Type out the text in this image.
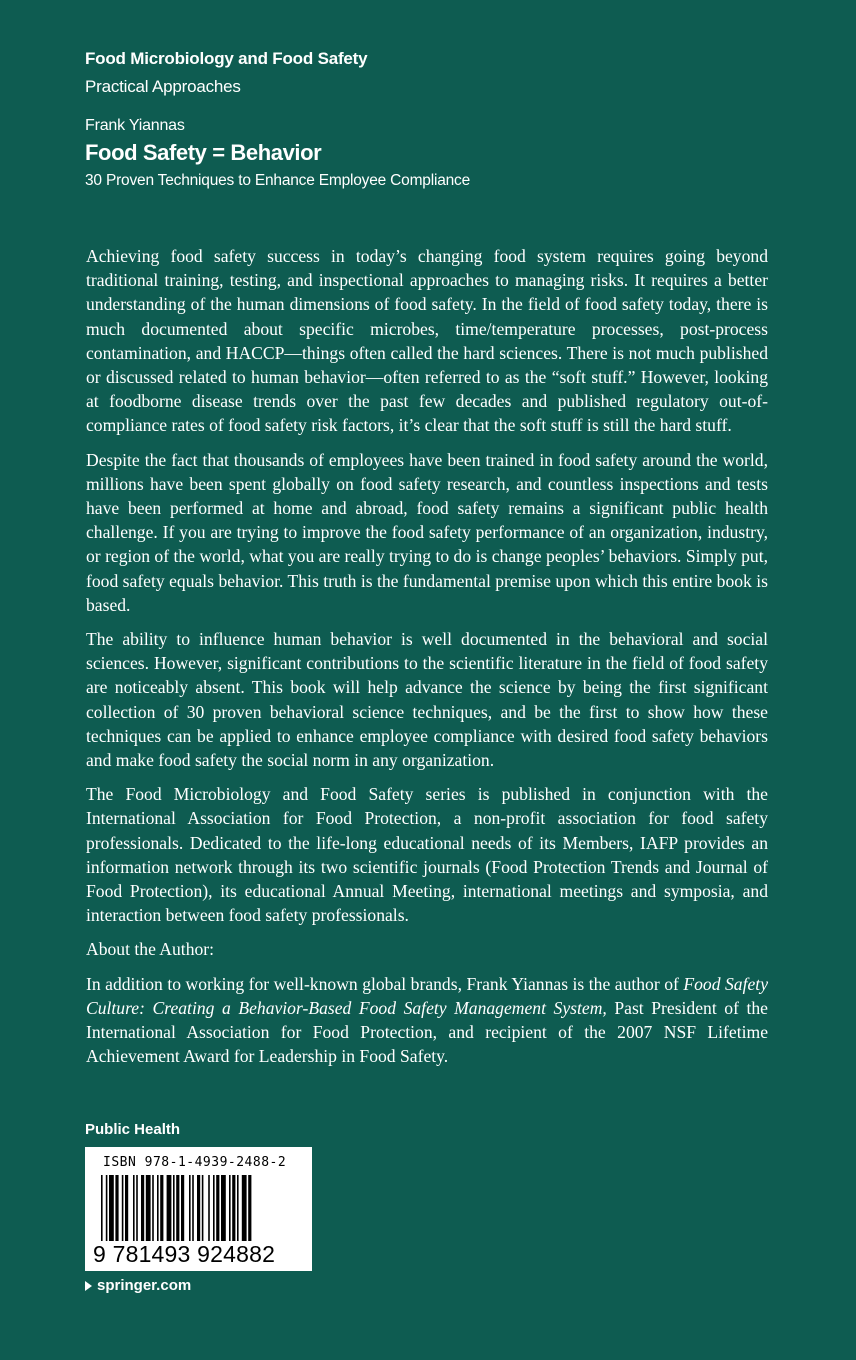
Food Microbiology and Food Safety
Practical Approaches
Frank Yiannas
Food Safety = Behavior
30 Proven Techniques to Enhance Employee Compliance

Achieving food safety success in today’s changing food system requires going beyond traditional training, testing, and inspectional approaches to managing risks. It requires a better understanding of the human dimensions of food safety. In the field of food safety today, there is much documented about specific microbes, time/temperature processes, post-process contamination, and HACCP—things often called the hard sciences. There is not much published or discussed related to human behavior—often referred to as the “soft stuff.” However, looking at foodborne disease trends over the past few decades and published regulatory out-of-compliance rates of food safety risk factors, it’s clear that the soft stuff is still the hard stuff.

Despite the fact that thousands of employees have been trained in food safety around the world, millions have been spent globally on food safety research, and countless inspections and tests have been performed at home and abroad, food safety remains a significant public health challenge. If you are trying to improve the food safety performance of an organization, industry, or region of the world, what you are really trying to do is change peoples’ behaviors. Simply put, food safety equals behavior. This truth is the fundamental premise upon which this entire book is based.

The ability to influence human behavior is well documented in the behavioral and social sciences. However, significant contributions to the scientific literature in the field of food safety are noticeably absent. This book will help advance the science by being the first significant collection of 30 proven behavioral science techniques, and be the first to show how these techniques can be applied to enhance employee compliance with desired food safety behaviors and make food safety the social norm in any organization.

The Food Microbiology and Food Safety series is published in conjunction with the International Association for Food Protection, a non-profit association for food safety professionals. Dedicated to the life-long educational needs of its Members, IAFP provides an information network through its two scientific journals (Food Protection Trends and Journal of Food Protection), its educational Annual Meeting, international meetings and symposia, and interaction between food safety professionals.

About the Author:

In addition to working for well-known global brands, Frank Yiannas is the author of Food Safety Culture: Creating a Behavior-Based Food Safety Management System, Past President of the International Association for Food Protection, and recipient of the 2007 NSF Lifetime Achievement Award for Leadership in Food Safety.

Public Health
ISBN 978-1-4939-2488-2
9 781493 924882
springer.com
